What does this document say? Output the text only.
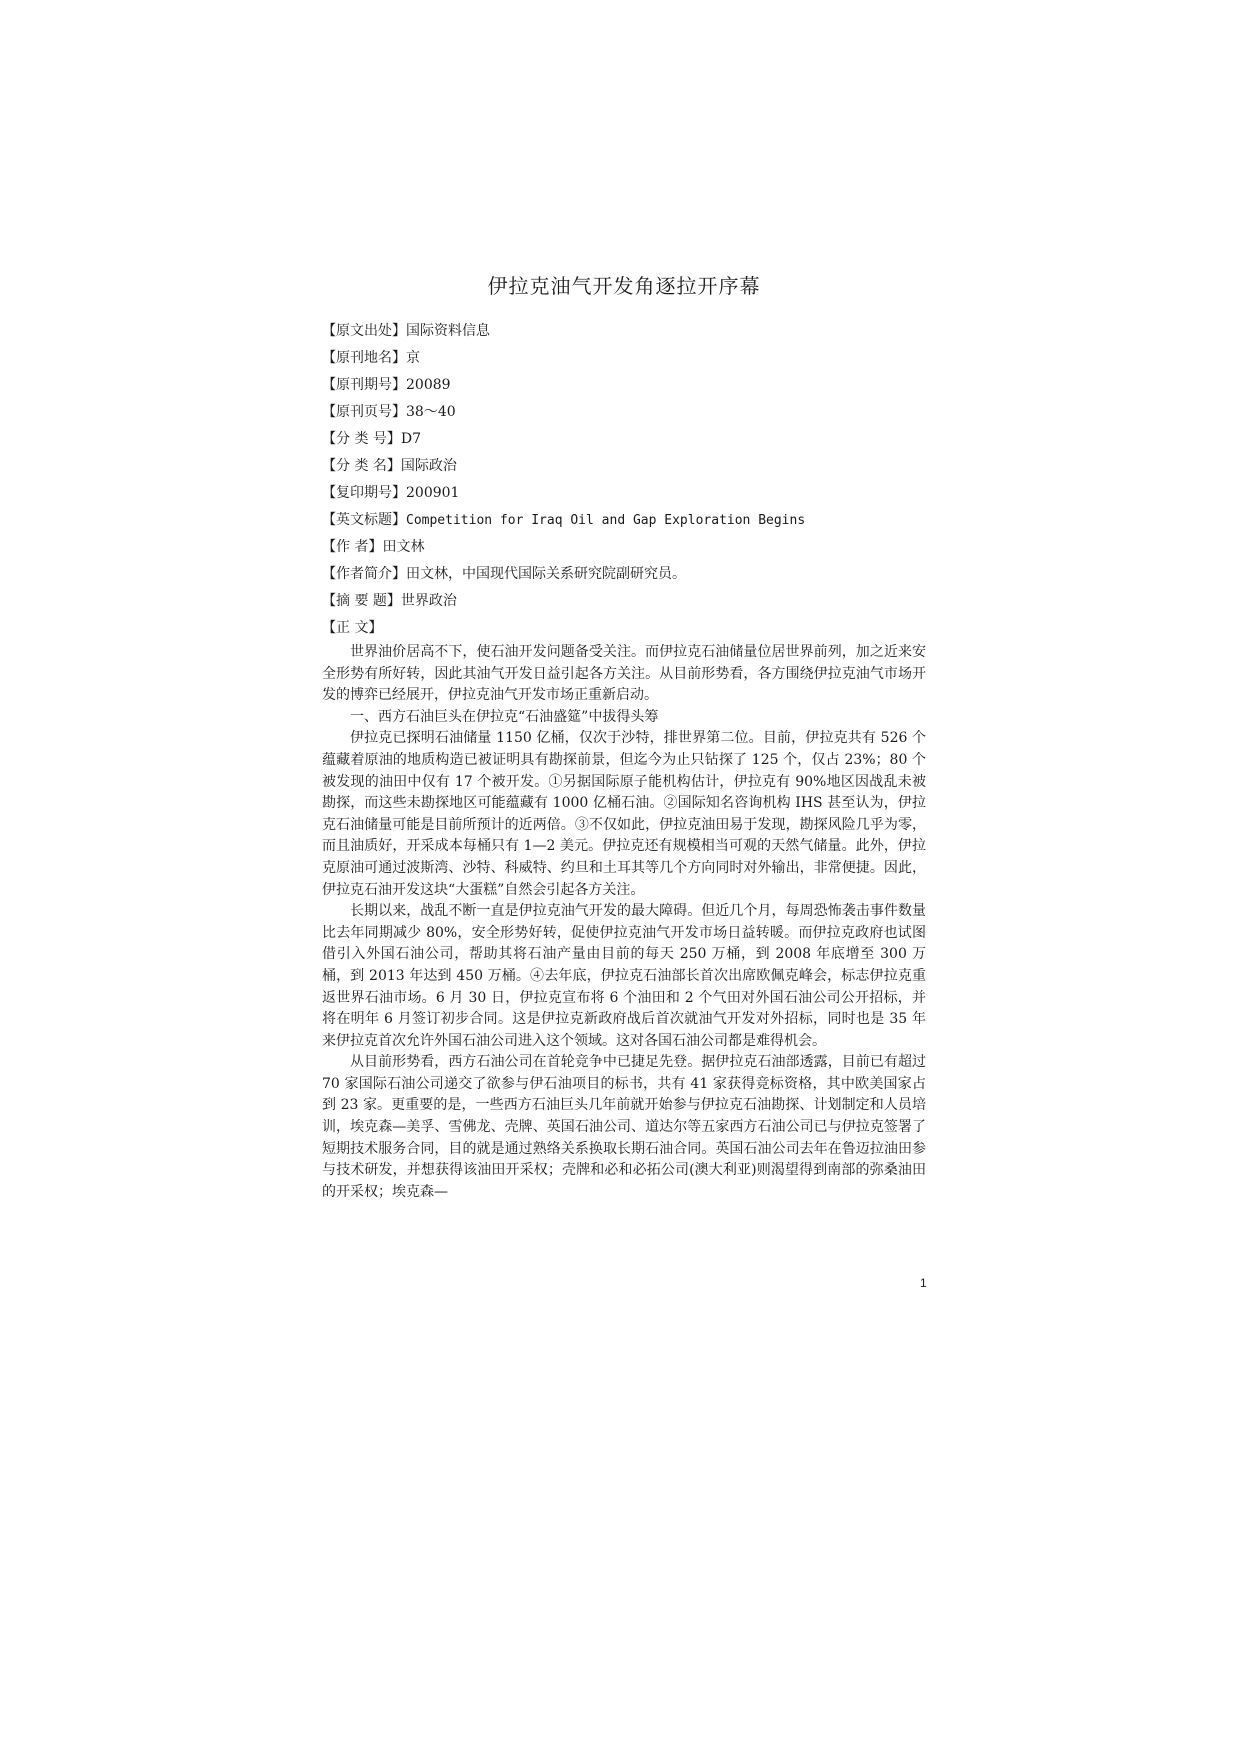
伊拉克油气开发角逐拉开序幕
【原文出处】国际资料信息
【原刊地名】京
【原刊期号】20089
【原刊页号】38～40
【分 类 号】D7
【分 类 名】国际政治
【复印期号】200901
【英文标题】Competition for Iraq Oil and Gap Exploration Begins
【作 者】田文林
【作者简介】田文林，中国现代国际关系研究院副研究员。
【摘 要 题】世界政治
【正 文】

世界油价居高不下，使石油开发问题备受关注。而伊拉克石油储量位居世界前列，加之近来安全形势有所好转，因此其油气开发日益引起各方关注。从目前形势看，各方围绕伊拉克油气市场开发的博弈已经展开，伊拉克油气开发市场正重新启动。

一、西方石油巨头在伊拉克“石油盛筵”中拔得头筹

伊拉克已探明石油储量 1150 亿桶，仅次于沙特，排世界第二位。目前，伊拉克共有 526 个蕴藏着原油的地质构造已被证明具有勘探前景，但迄今为止只钻探了 125 个，仅占 23%；80 个被发现的油田中仅有 17 个被开发。①另据国际原子能机构估计，伊拉克有 90%地区因战乱未被勘探，而这些未勘探地区可能蕴藏有 1000 亿桶石油。②国际知名咨询机构 IHS 甚至认为，伊拉克石油储量可能是目前所预计的近两倍。③不仅如此，伊拉克油田易于发现，勘探风险几乎为零，而且油质好，开采成本每桶只有 1—2 美元。伊拉克还有规模相当可观的天然气储量。此外，伊拉克原油可通过波斯湾、沙特、科威特、约旦和土耳其等几个方向同时对外输出，非常便捷。因此，伊拉克石油开发这块“大蛋糕”自然会引起各方关注。

长期以来，战乱不断一直是伊拉克油气开发的最大障碍。但近几个月，每周恐怖袭击事件数量比去年同期减少 80%，安全形势好转，促使伊拉克油气开发市场日益转暖。而伊拉克政府也试图借引入外国石油公司，帮助其将石油产量由目前的每天 250 万桶，到 2008 年底增至 300 万桶，到 2013 年达到 450 万桶。④去年底，伊拉克石油部长首次出席欧佩克峰会，标志伊拉克重返世界石油市场。6 月 30 日，伊拉克宣布将 6 个油田和 2 个气田对外国石油公司公开招标，并将在明年 6 月签订初步合同。这是伊拉克新政府战后首次就油气开发对外招标，同时也是 35 年来伊拉克首次允许外国石油公司进入这个领域。这对各国石油公司都是难得机会。

从目前形势看，西方石油公司在首轮竞争中已捷足先登。据伊拉克石油部透露，目前已有超过 70 家国际石油公司递交了欲参与伊石油项目的标书，共有 41 家获得竞标资格，其中欧美国家占到 23 家。更重要的是，一些西方石油巨头几年前就开始参与伊拉克石油勘探、计划制定和人员培训，埃克森—美孚、雪佛龙、壳牌、英国石油公司、道达尔等五家西方石油公司已与伊拉克签署了短期技术服务合同，目的就是通过熟络关系换取长期石油合同。英国石油公司去年在鲁迈拉油田参与技术研发，并想获得该油田开采权；壳牌和必和必拓公司(澳大利亚)则渴望得到南部的弥桑油田的开采权；埃克森—

1
